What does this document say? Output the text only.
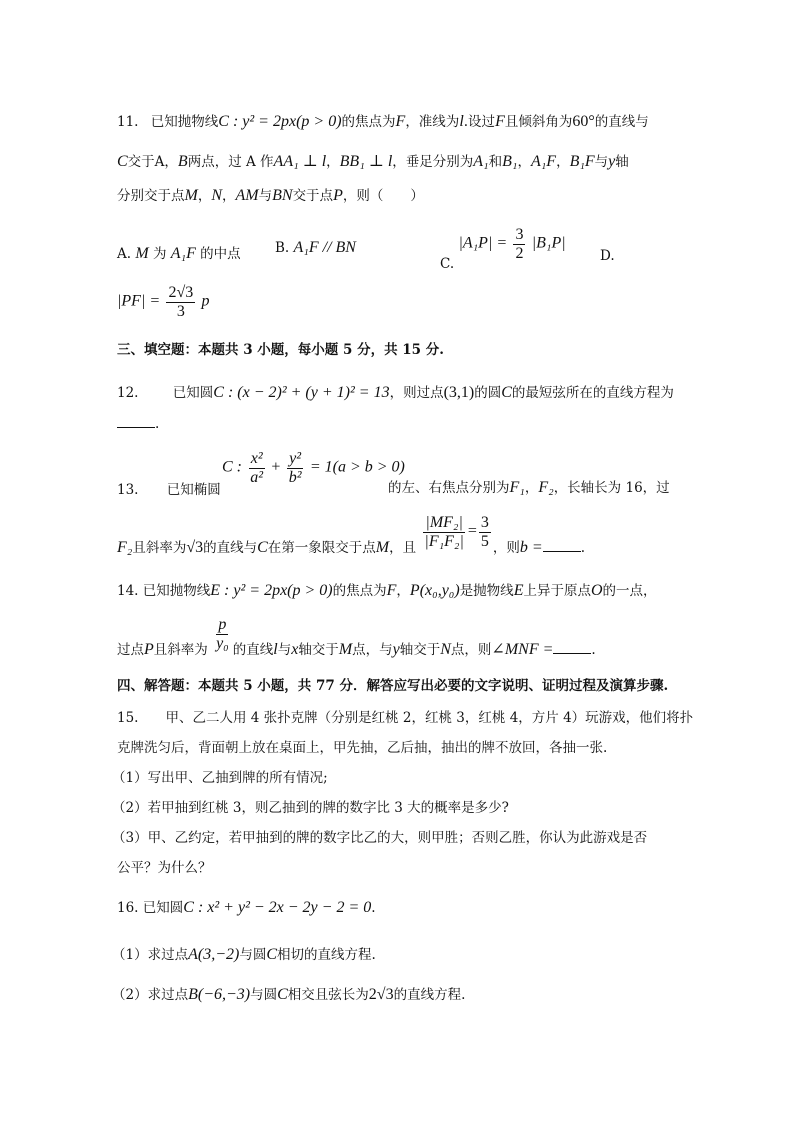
11. 已知抛物线C : y² = 2px(p > 0)的焦点为F，准线为l.设过F且倾斜角为60°的直线与
C交于A，B两点，过 A 作AA₁ ⊥ l，BB₁ ⊥ l，垂足分别为A₁和B₁，A₁F，B₁F与y轴
分别交于点M，N，AM与BN交于点P，则（　　）
A. M 为 A₁F 的中点	B. A₁F // BN
C. $|A_1P| = \frac{3}{2} |B_1P|$
D.
$|PF| = \frac{2√3}{3}$ p
三、填空题：本题共 3 小题，每小题 5 分，共 15 分.
12.	已知圆C : (x − 2)² + (y + 1)² = 13，则过点(3,1)的圆C的最短弦所在的直线方程为
.
C : $\frac{\text{x²}}{\text{a²}} + \frac{\text{y²}}{\text{b²}} = 1(a > b > 0)$
13. 已知椭圆	的左、右焦点分别为F₁，F₂，长轴长为 16，过
F₂且斜率为√3的直线与C在第一象限交于点M，且 $\frac{\text{|MF₂|}}{\text{|F₁F₂|}} = \frac{3}{5}$ ，则b =	.
14. 已知抛物线E : y² = 2px(p > 0)的焦点为F，P(x₀,y₀)是抛物线E上异于原点O的一点，
过点P且斜率为 $\frac{p}{\text{y₀}}$ 的直线l与x轴交于M点，与y轴交于N点，则∠MNF =	.
四、解答题：本题共 5 小题，共 77 分．解答应写出必要的文字说明、证明过程及演算步骤.
15.　　甲、乙二人用 4 张扑克牌（分别是红桃 2，红桃 3，红桃 4，方片 4）玩游戏，他们将扑
克牌洗匀后，背面朝上放在桌面上，甲先抽，乙后抽，抽出的牌不放回，各抽一张.
（1）写出甲、乙抽到牌的所有情况;
（2）若甲抽到红桃 3，则乙抽到的牌的数字比 3 大的概率是多少?
（3）甲、乙约定，若甲抽到的牌的数字比乙的大，则甲胜；否则乙胜，你认为此游戏是否
公平？为什么？
16. 已知圆C : x² + y² − 2x − 2y − 2 = 0.
（1）求过点A(3,−2)与圆C相切的直线方程.
（2）求过点B(−6,−3)与圆C相交且弦长为2√3的直线方程.
